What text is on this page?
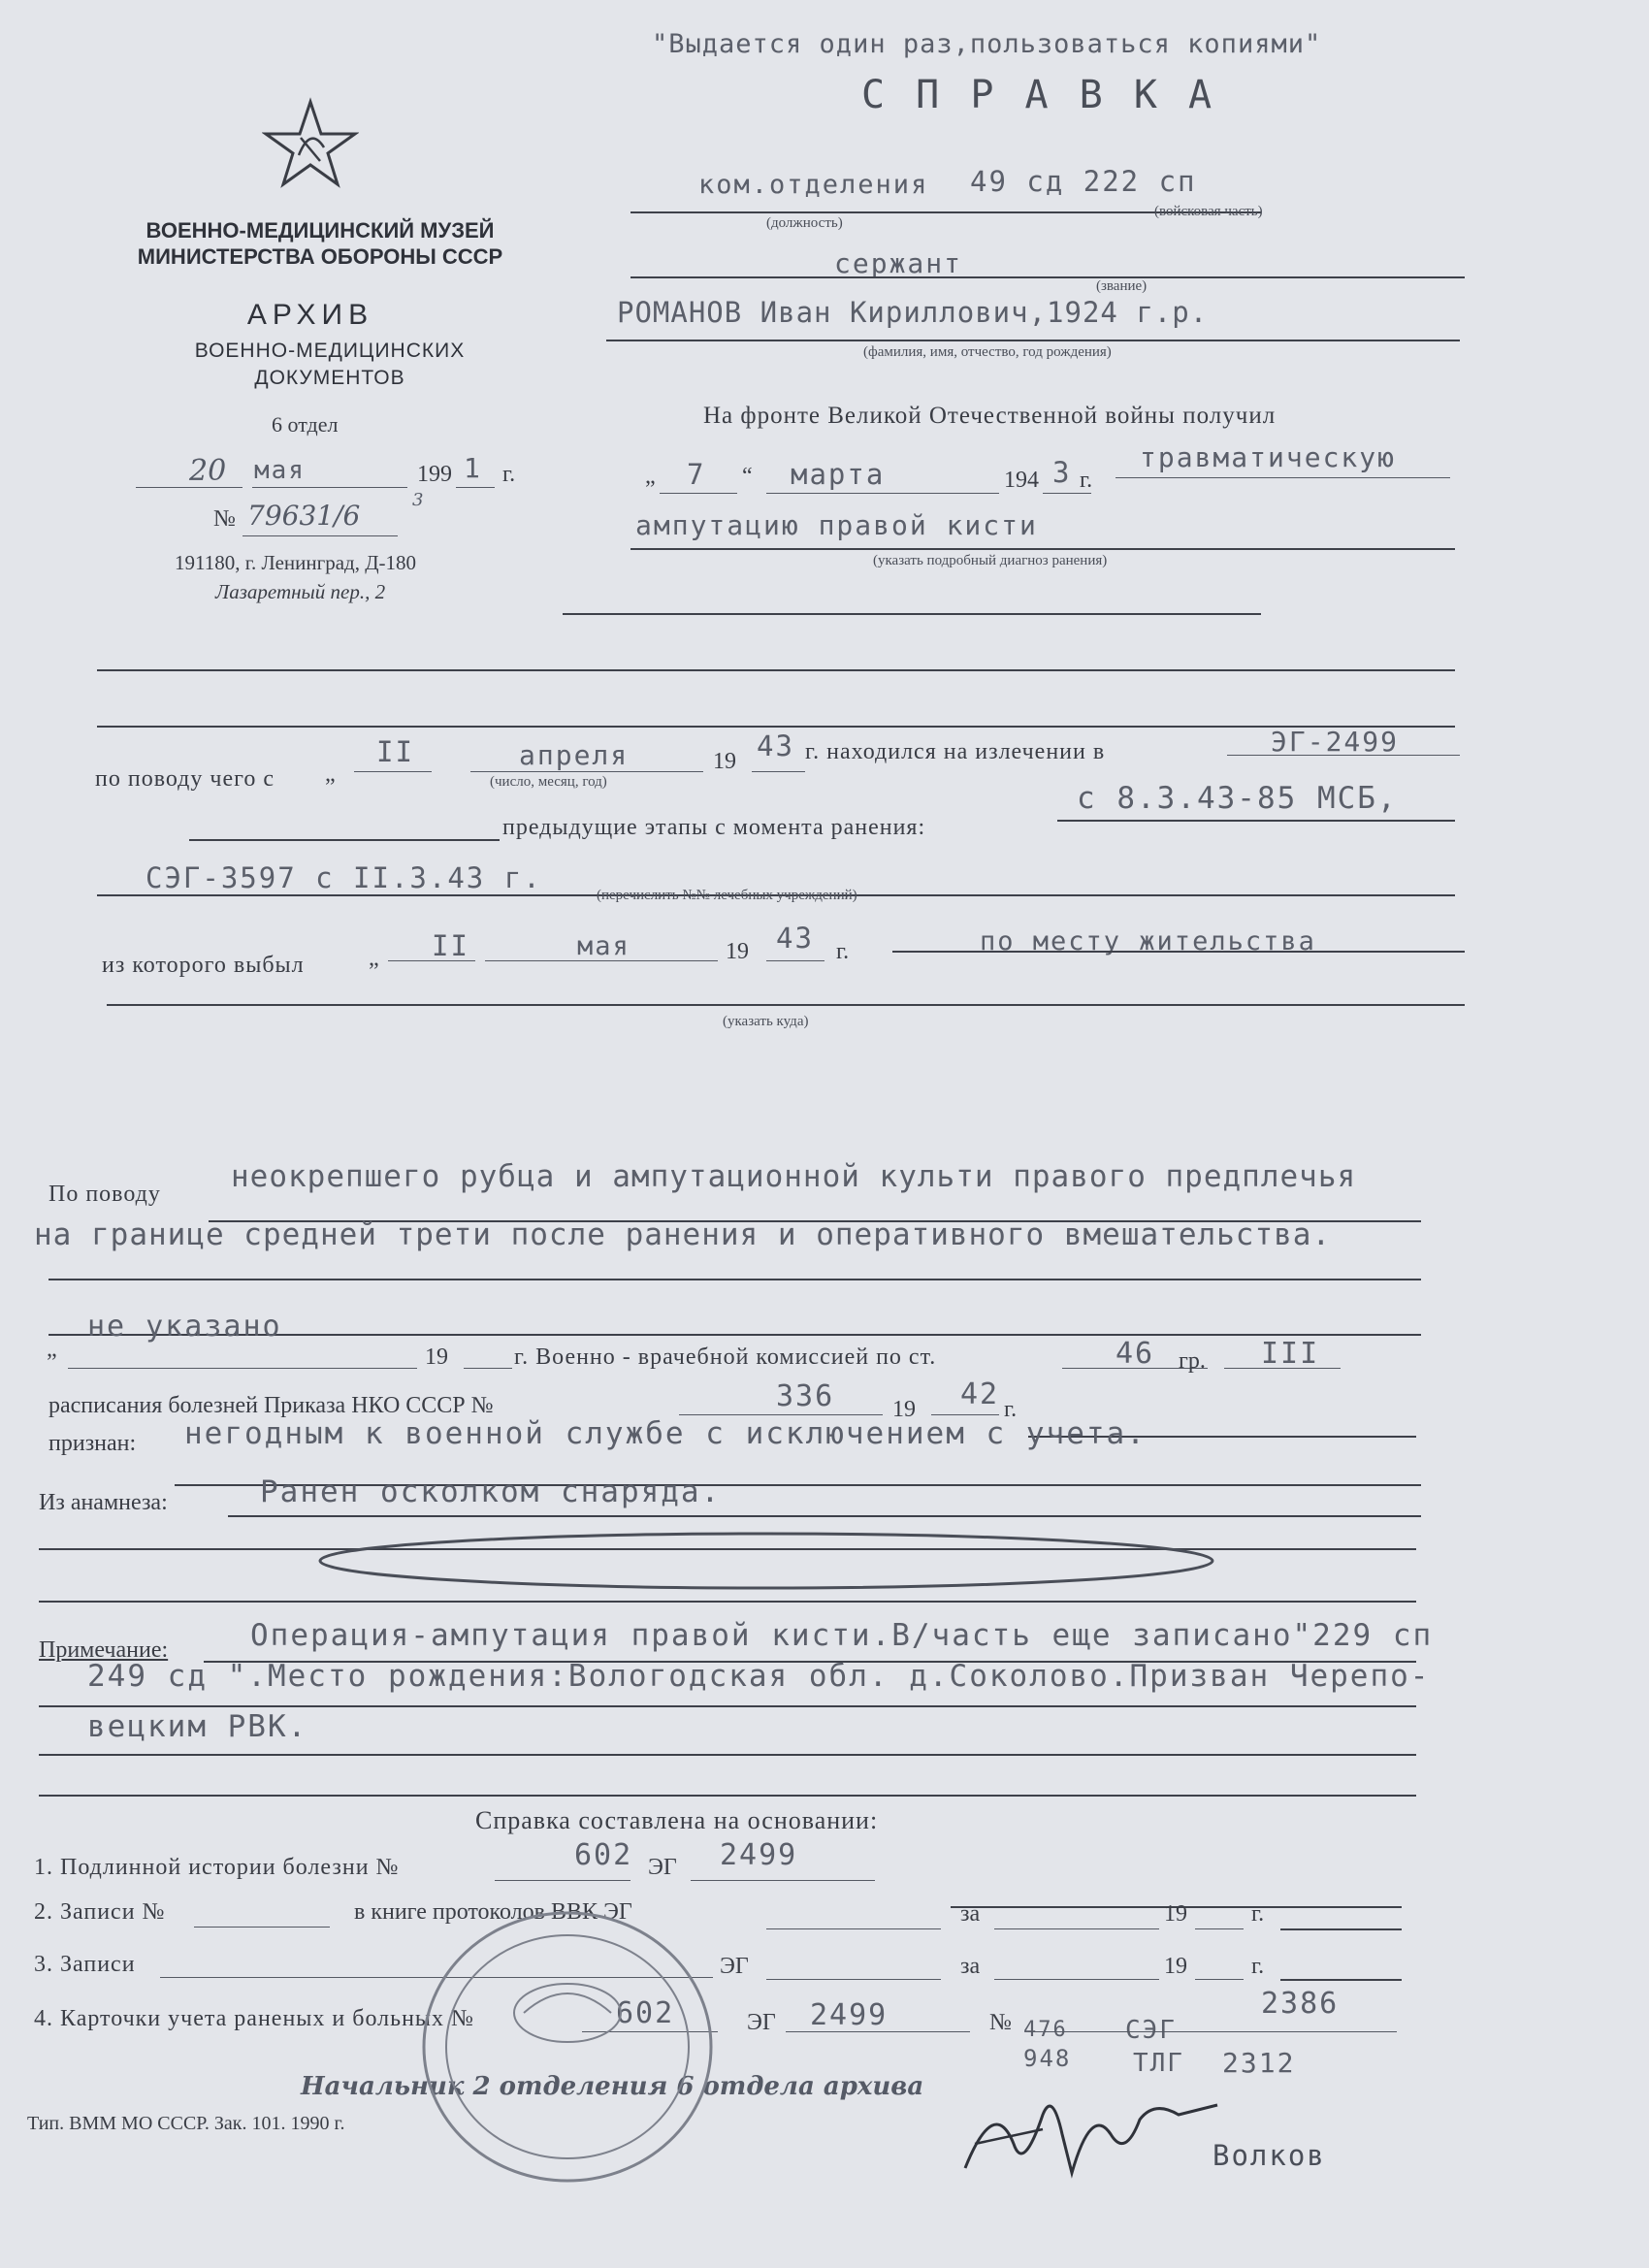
ВОЕННО-МЕДИЦИНСКИЙ МУЗЕЙ
МИНИСТЕРСТВА ОБОРОНЫ СССР
АРХИВ
ВОЕННО-МЕДИЦИНСКИХ
ДОКУМЕНТОВ
6 отдел
20 мая	199 1 г.
№ 79631/6	3
191180, г. Ленинград, Д-180
Лазаретный пер., 2
"Выдается один раз,пользоваться копиями"
С П Р А В К А
ком.отделения 49 сд 222 сп
(должность)
(войсковая часть)
сержант
(звание)
РОМАНОВ Иван Кириллович,1924 г.р.
(фамилия, имя, отчество, год рождения)
На фронте Великой Отечественной войны получил
„ 7 “ марта	194 3 г.
травматическую
ампутацию правой кисти
(указать подробный диагноз ранения)
по поводу чего с „
II	апреля
(число, месяц, год)
19 43 г. находился на излечении в	ЭГ-2499
предыдущие этапы с момента ранения:
с 8.3.43-85 МСБ,
СЭГ-3597 с II.3.43 г.
(перечислить №№ лечебных учреждений)
из которого выбыл	„ II	мая	19 43 г.	по месту жительства
(указать куда)
По поводу неокрепшего рубца и ампутационной культи правого предплечья
на границе средней трети после ранения и оперативного вмешательства.
„
не указано
19	г. Военно - врачебной комиссией по ст.	46 гр. III
расписания болезней Приказа НКО СССР №	336 19 42 г.
признан: негодным к военной службе с исключением с учета.
Из анамнеза:	Ранен осколком снаряда.
Примечание:	Операция-ампутация правой кисти.В/часть еще записано"229 сп
249 сд ".Место рождения:Вологодская обл. д.Соколово.Призван Черепо-
вецким РВК.
Справка составлена на основании:
1. Подлинной истории болезни №	602 ЭГ 2499
2. Записи №	в книге протоколов ВВК ЭГ	за	19	г.
3. Записи	ЭГ	за	19	г.
4. Карточки учета раненых и больных №	602	ЭГ 2499	№ 476 СЭГ
2386
948 ТЛГ 2312
Начальник 2 отделения 6 отдела архива
Волков
Тип. ВММ МО СССР. Зак. 101. 1990 г.
